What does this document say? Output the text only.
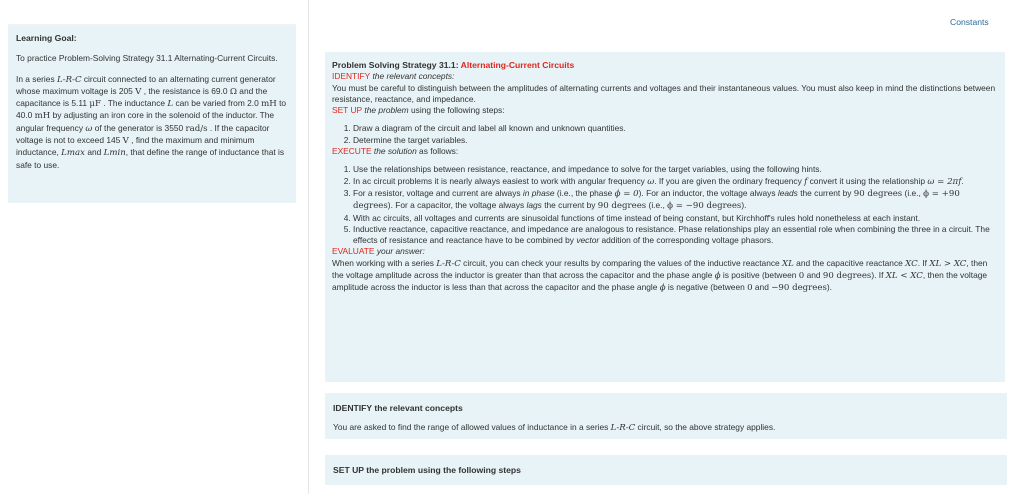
Constants
Learning Goal:

To practice Problem-Solving Strategy 31.1 Alternating-Current Circuits.

In a series L-R-C circuit connected to an alternating current generator whose maximum voltage is 205 V , the resistance is 69.0 Ω and the capacitance is 5.11 μF . The inductance L can be varied from 2.0 mH to 40.0 mH by adjusting an iron core in the solenoid of the inductor. The angular frequency ω of the generator is 3550 rad/s . If the capacitor voltage is not to exceed 145 V , find the maximum and minimum inductance, Lmax and Lmin, that define the range of inductance that is safe to use.

Problem Solving Strategy 31.1: Alternating-Current Circuits

IDENTIFY the relevant concepts:

You must be careful to distinguish between the amplitudes of alternating currents and voltages and their instantaneous values. You must also keep in mind the distinctions between resistance, reactance, and impedance.

SET UP the problem using the following steps:

1. Draw a diagram of the circuit and label all known and unknown quantities.
2. Determine the target variables.

EXECUTE the solution as follows:

1. Use the relationships between resistance, reactance, and impedance to solve for the target variables, using the following hints.
2. In ac circuit problems it is nearly always easiest to work with angular frequency ω. If you are given the ordinary frequency f convert it using the relationship ω = 2πf.
3. For a resistor, voltage and current are always in phase (i.e., the phase ϕ = 0). For an inductor, the voltage always leads the current by 90 degrees (i.e., ϕ = +90 degrees). For a capacitor, the voltage always lags the current by 90 degrees (i.e., ϕ = −90 degrees).
4. With ac circuits, all voltages and currents are sinusoidal functions of time instead of being constant, but Kirchhoff's rules hold nonetheless at each instant.
5. Inductive reactance, capacitive reactance, and impedance are analogous to resistance. Phase relationships play an essential role when combining the three in a circuit. The effects of resistance and reactance have to be combined by vector addition of the corresponding voltage phasors.

EVALUATE your answer:

When working with a series L-R-C circuit, you can check your results by comparing the values of the inductive reactance XL and the capacitive reactance XC. If XL > XC, then the voltage amplitude across the inductor is greater than that across the capacitor and the phase angle ϕ is positive (between 0 and 90 degrees). If XL < XC, then the voltage amplitude across the inductor is less than that across the capacitor and the phase angle ϕ is negative (between 0 and −90 degrees).

IDENTIFY the relevant concepts

You are asked to find the range of allowed values of inductance in a series L-R-C circuit, so the above strategy applies.

SET UP the problem using the following steps
